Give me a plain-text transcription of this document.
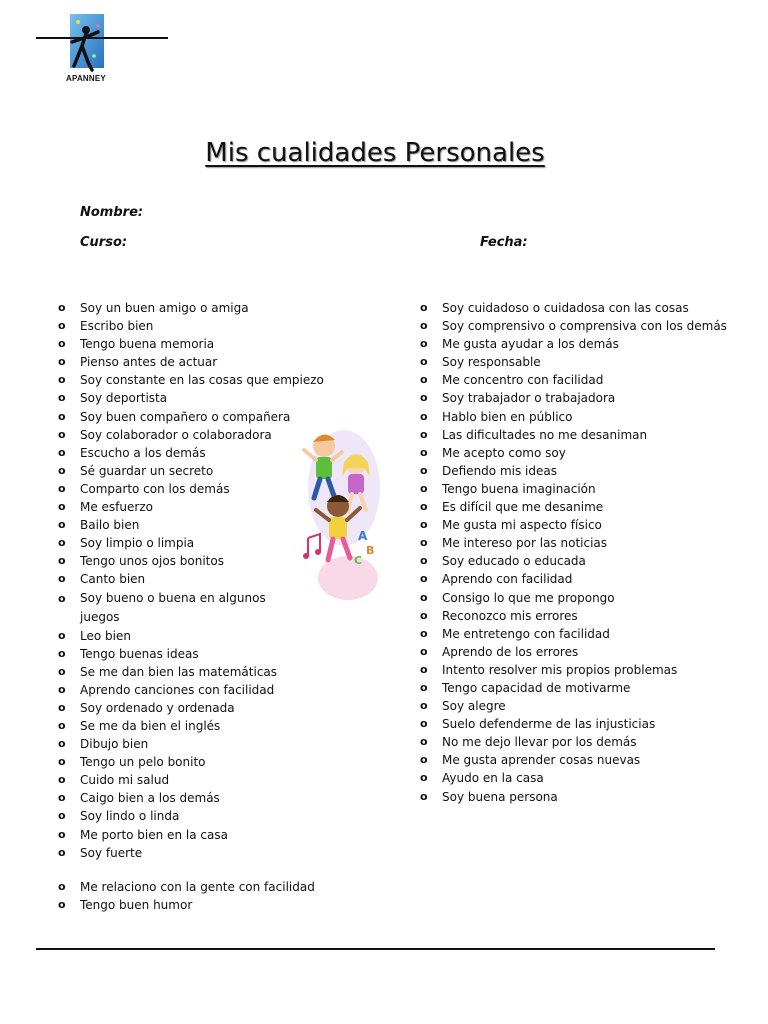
APANNEY
Mis cualidades Personales
Nombre:
Curso:	Fecha:
o Soy un buen amigo o amiga
o Escribo bien
o Tengo buena memoria
o Pienso antes de actuar
o Soy constante en las cosas que empiezo
o Soy deportista
o Soy buen compañero o compañera
o Soy colaborador o colaboradora
o Escucho a los demás
o Sé guardar un secreto
o Comparto con los demás
o Me esfuerzo
o Bailo bien
o Soy limpio o limpia
o Tengo unos ojos bonitos
o Canto bien
o Soy bueno o buena en algunos juegos
o Leo bien
o Tengo buenas ideas
o Se me dan bien las matemáticas
o Aprendo canciones con facilidad
o Soy ordenado y ordenada
o Se me da bien el inglés
o Dibujo bien
o Tengo un pelo bonito
o Cuido mi salud
o Caigo bien a los demás
o Soy lindo o linda
o Me porto bien en la casa
o Soy fuerte
o Me relaciono con la gente con facilidad
o Tengo buen humor
o Soy cuidadoso o cuidadosa con las cosas
o Soy comprensivo o comprensiva con los demás
o Me gusta ayudar a los demás
o Soy responsable
o Me concentro con facilidad
o Soy trabajador o trabajadora
o Hablo bien en público
o Las dificultades no me desaniman
o Me acepto como soy
o Defiendo mis ideas
o Tengo buena imaginación
o Es difícil que me desanime
o Me gusta mi aspecto físico
o Me intereso por las noticias
o Soy educado o educada
o Aprendo con facilidad
o Consigo lo que me propongo
o Reconozco mis errores
o Me entretengo con facilidad
o Aprendo de los errores
o Intento resolver mis propios problemas
o Tengo capacidad de motivarme
o Soy alegre
o Suelo defenderme de las injusticias
o No me dejo llevar por los demás
o Me gusta aprender cosas nuevas
o Ayudo en la casa
o Soy buena persona
A
B
C
